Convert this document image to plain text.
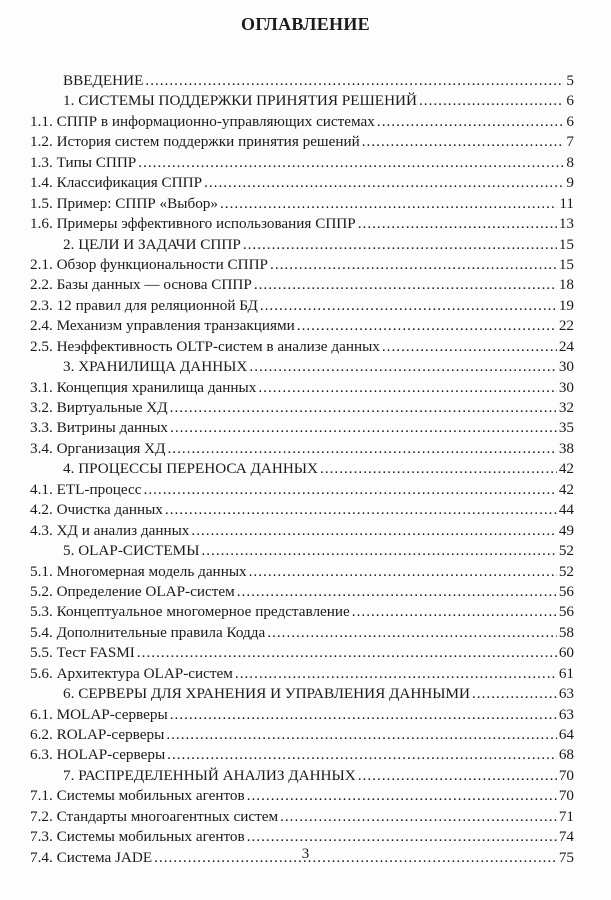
ОГЛАВЛЕНИЕ
ВВЕДЕНИЕ .....	5
1. СИСТЕМЫ ПОДДЕРЖКИ ПРИНЯТИЯ РЕШЕНИЙ .....	6
1.1. СППР в информационно-управляющих системах .....	6
1.2. История систем поддержки принятия решений .....	7
1.3. Типы СППР .....	8
1.4. Классификация СППР .....	9
1.5. Пример: СППР «Выбор» .....	11
1.6. Примеры эффективного использования СППР .....	13
2. ЦЕЛИ И ЗАДАЧИ СППР .....	15
2.1. Обзор функциональности СППР .....	15
2.2. Базы данных — основа СППР .....	18
2.3. 12 правил для реляционной БД .....	19
2.4. Механизм управления транзакциями .....	22
2.5. Неэффективность OLTP-систем в анализе данных .....	24
3. ХРАНИЛИЩА ДАННЫХ .....	30
3.1. Концепция хранилища данных .....	30
3.2. Виртуальные ХД .....	32
3.3. Витрины данных .....	35
3.4. Организация ХД .....	38
4. ПРОЦЕССЫ ПЕРЕНОСА ДАННЫХ .....	42
4.1. ETL-процесс .....	42
4.2. Очистка данных .....	44
4.3. ХД и анализ данных .....	49
5. OLAP-СИСТЕМЫ .....	52
5.1. Многомерная модель данных .....	52
5.2. Определение OLAP-систем .....	56
5.3. Концептуальное многомерное представление .....	56
5.4. Дополнительные правила Кодда .....	58
5.5. Тест FASMI .....	60
5.6. Архитектура OLAP-систем .....	61
6. СЕРВЕРЫ ДЛЯ ХРАНЕНИЯ И УПРАВЛЕНИЯ ДАННЫМИ .....	63
6.1. MOLAP-серверы .....	63
6.2. ROLAP-серверы .....	64
6.3. HOLAP-серверы .....	68
7. РАСПРЕДЕЛЕННЫЙ АНАЛИЗ ДАННЫХ .....	70
7.1. Системы мобильных агентов .....	70
7.2. Стандарты многоагентных систем .....	71
7.3. Системы мобильных агентов .....	74
7.4. Система JADE .....	75
3
